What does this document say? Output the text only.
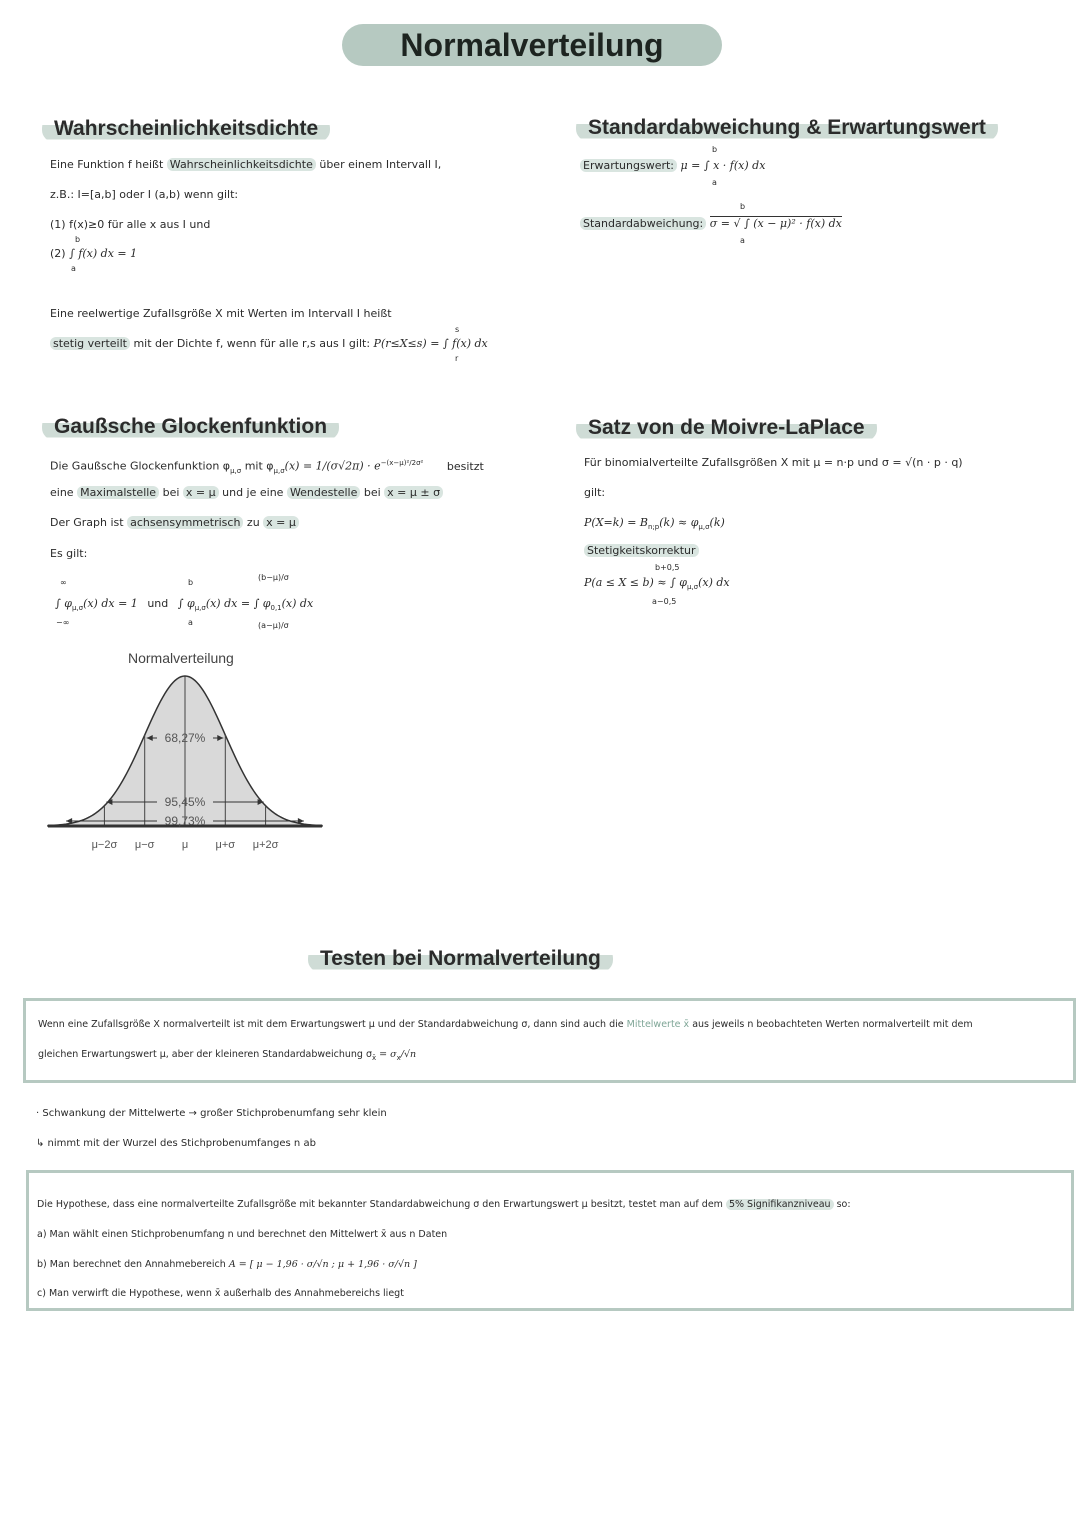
Normalverteilung
Wahrscheinlichkeitsdichte
Eine Funktion f heißt Wahrscheinlichkeitsdichte über einem Intervall I,
z.B.: I=[a,b] oder I (a,b) wenn gilt:
(1) f(x)≥0 für alle x aus I und
(2) ∫ f(x) dx = 1
b
a
Eine reelwertige Zufallsgröße X mit Werten im Intervall I heißt
stetig verteilt mit der Dichte f, wenn für alle r,s aus I gilt: P(r≤X≤s) = ∫ f(x) dx
s
r
Standardabweichung & Erwartungswert
Erwartungswert: μ = ∫ x · f(x) dx
b
a
Standardabweichung: σ = √ ∫ (x − μ)² · f(x) dx
b
a
Gaußsche Glockenfunktion
Die Gaußsche Glockenfunktion $\varphi_{\mu,\sigma}$ mit $\varphi_{\mu,\sigma}(x) = 1/(\sigma√2\pi) \cdot e^{-(x-\mu)^2/2\sigma^2}$ besitzt
eine Maximalstelle bei x = μ und je eine Wendestelle bei x = μ ± σ
Der Graph ist achsensymmetrisch zu x = μ
Es gilt:
∫ $\varphi_{\mu,\sigma}(x)$ dx = 1 und ∫ $\varphi_{\mu,\sigma}(x)$ dx = ∫ $\varphi_{0,1}(x)$ dx
∞
−∞
b
a
(b−μ)/σ
(a−μ)/σ
Normalverteilung
68,27%
95,45%
99,73%
μ−2σ μ−σ μ μ+σ μ+2σ
Satz von de Moivre-LaPlace
Für binomialverteilte Zufallsgrößen X mit μ = n·p und σ = √(n · p · q)
gilt:
$P(X=k) = B_{n;p}(k) \approx \varphi_{\mu,\sigma}(k)$
Stetigkeitskorrektur
P(a ≤ X ≤ b) ≈ ∫ $\varphi_{\mu,\sigma}(x)$ dx
b+0,5
a−0,5
Testen bei Normalverteilung
Wenn eine Zufallsgröße X normalverteilt ist mit dem Erwartungswert μ und der Standardabweichung σ, dann sind auch die Mittelwerte x̄ aus jeweils n beobachteten Werten normalverteilt mit dem
gleichen Erwartungswert μ, aber der kleineren Standardabweichung $\sigma_{x̄} = \sigma_x/√n$
· Schwankung der Mittelwerte → großer Stichprobenumfang sehr klein
↳ nimmt mit der Wurzel des Stichprobenumfanges n ab
Die Hypothese, dass eine normalverteilte Zufallsgröße mit bekannter Standardabweichung σ den Erwartungswert μ besitzt, testet man auf dem 5% Signifikanzniveau so:
a) Man wählt einen Stichprobenumfang n und berechnet den Mittelwert x̄ aus n Daten
b) Man berechnet den Annahmebereich A = [ μ − 1,96 · σ/√n ; μ + 1,96 · σ/√n ]
c) Man verwirft die Hypothese, wenn x̄ außerhalb des Annahmebereichs liegt
